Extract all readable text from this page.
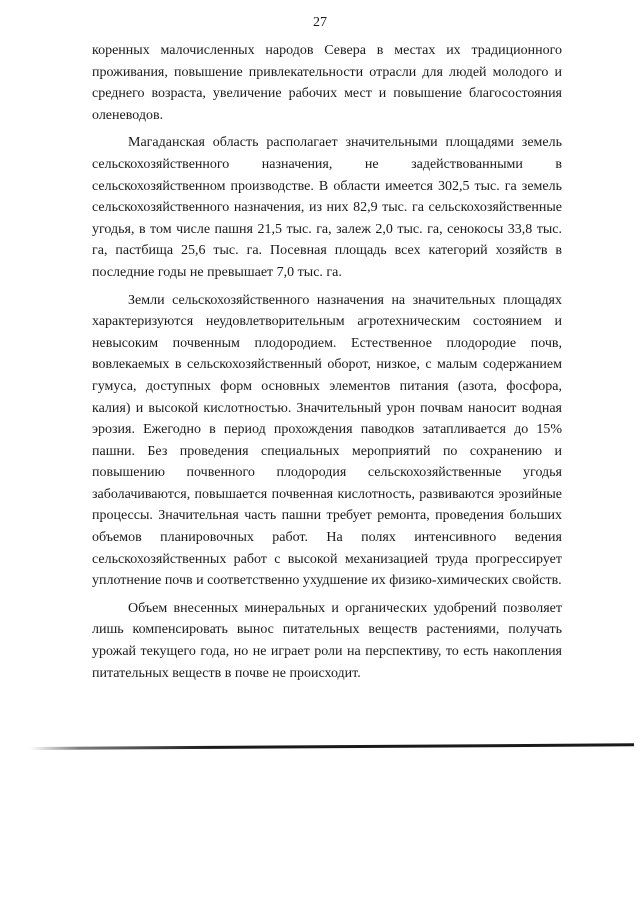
27

коренных малочисленных народов Севера в местах их традиционного проживания, повышение привлекательности отрасли для людей молодого и среднего возраста, увеличение рабочих мест и повышение благосостояния оленеводов.

Магаданская область располагает значительными площадями земель сельскохозяйственного назначения, не задействованными в сельскохозяйственном производстве. В области имеется 302,5 тыс. га земель сельскохозяйственного назначения, из них 82,9 тыс. га сельскохозяйственные угодья, в том числе пашня 21,5 тыс. га, залеж 2,0 тыс. га, сенокосы 33,8 тыс. га, пастбища 25,6 тыс. га. Посевная площадь всех категорий хозяйств в последние годы не превышает 7,0 тыс. га.

Земли сельскохозяйственного назначения на значительных площадях характеризуются неудовлетворительным агротехническим состоянием и невысоким почвенным плодородием. Естественное плодородие почв, вовлекаемых в сельскохозяйственный оборот, низкое, с малым содержанием гумуса, доступных форм основных элементов питания (азота, фосфора, калия) и высокой кислотностью. Значительный урон почвам наносит водная эрозия. Ежегодно в период прохождения паводков затапливается до 15% пашни. Без проведения специальных мероприятий по сохранению и повышению почвенного плодородия сельскохозяйственные угодья заболачиваются, повышается почвенная кислотность, развиваются эрозийные процессы. Значительная часть пашни требует ремонта, проведения больших объемов планировочных работ. На полях интенсивного ведения сельскохозяйственных работ с высокой механизацией труда прогрессирует уплотнение почв и соответственно ухудшение их физико-химических свойств.

Объем внесенных минеральных и органических удобрений позволяет лишь компенсировать вынос питательных веществ растениями, получать урожай текущего года, но не играет роли на перспективу, то есть накопления питательных веществ в почве не происходит.
